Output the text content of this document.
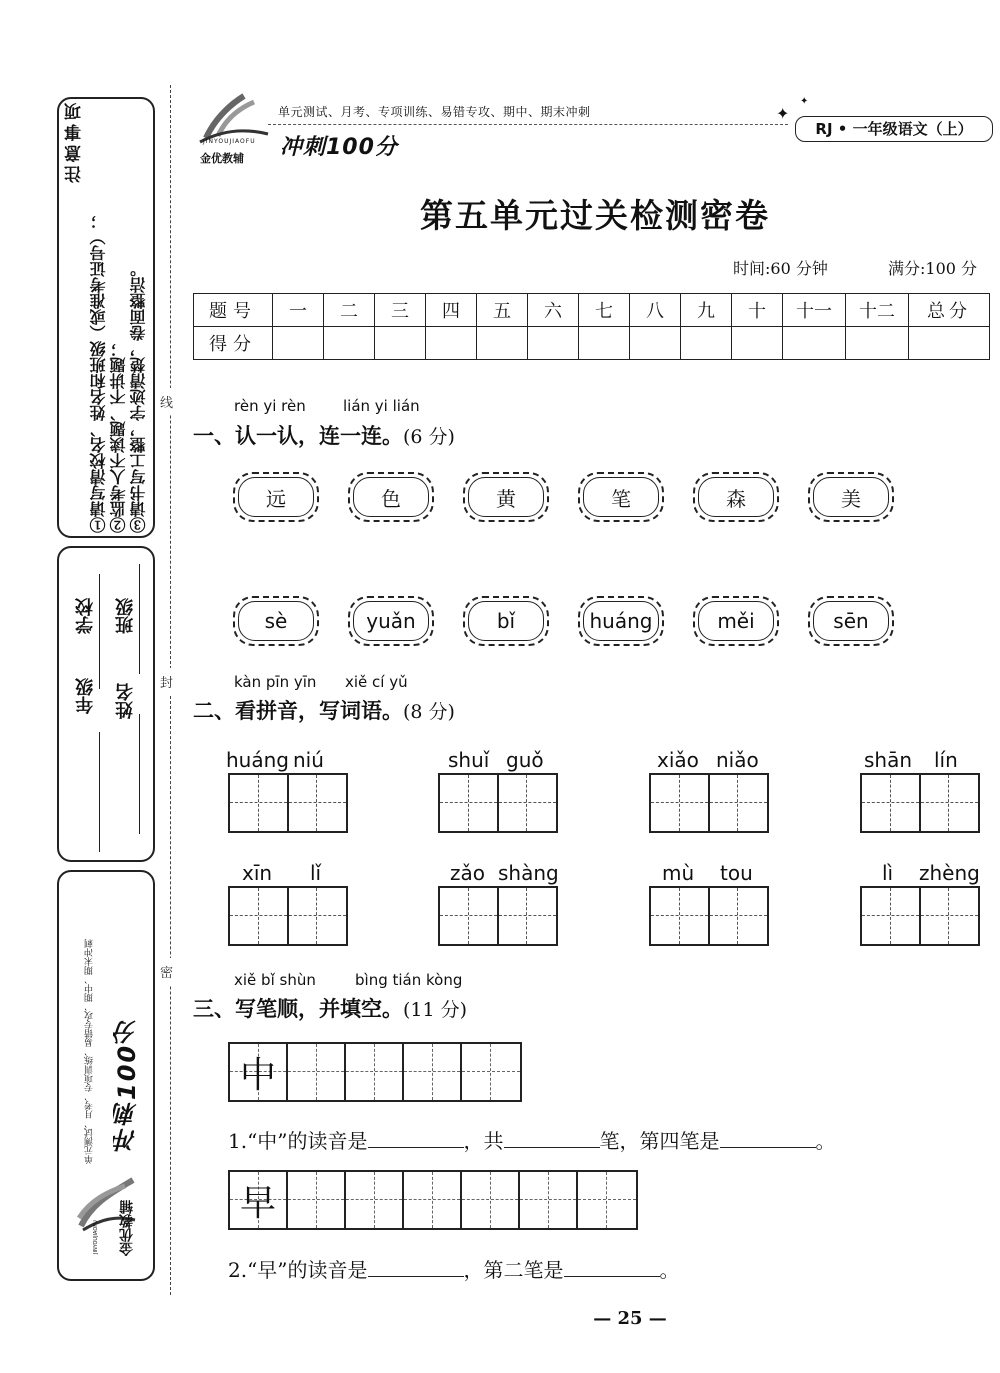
注意事项
①请写清校名、姓名和班级（或准考证号）； ②监考人不读题、不讲题； ③请书写工整，字迹清楚，卷面整洁。
学校
年级
班级
姓名
单元测试、月考、专项训练、易错专攻、期中、期末冲刺 冲刺100分
JINYOUJIAOFU 金优教辅
线
封
密
JINYOUJIAOFU
金优教辅
单元测试、月考、专项训练、易错专攻、期中、期末冲刺
冲刺100分
✦
✦
RJ • 一年级语文（上）
第五单元过关检测密卷
时间:60 分钟	满分:100 分
题号	一	二	三	四	五	六	七	八	九	十	十一	十二	总分
得分													
rèn yi rèn lián yi lián
一、认一认，连一连。(6 分)
远	色	黄	笔	森	美
sè	yuǎn	bǐ	huáng	měi	sēn
kàn pīn yīn xiě cí yǔ
二、看拼音，写词语。(8 分)
huáng niú	shuǐ guǒ	xiǎo niǎo	shān lín
xīn lǐ	zǎo shàng	mù tou	lì zhèng
xiě bǐ shùn	bìng tián kòng
三、写笔顺，并填空。(11 分)
中
1.“中”的读音是	，共	笔，第四笔是	。
早
2.“早”的读音是	，第二笔是	。
— 25 —
